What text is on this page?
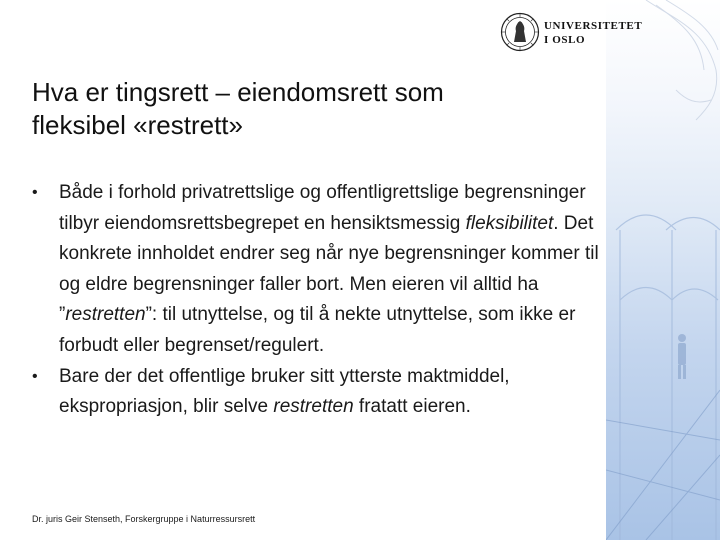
UNIVERSITETET
I OSLO
Hva er tingsrett – eiendomsrett som
fleksibel «restrett»
•	Både i forhold privatrettslige og offentligrettslige begrensninger tilbyr eiendomsrettsbegrepet en hensiktsmessig fleksibilitet. Det konkrete innholdet endrer seg når nye begrensninger kommer til og eldre begrensninger faller bort. Men eieren vil alltid ha ”restretten”: til utnyttelse, og til å nekte utnyttelse, som ikke er forbudt eller begrenset/regulert.
•	Bare der det offentlige bruker sitt ytterste maktmiddel, ekspropriasjon, blir selve restretten fratatt eieren.
Dr. juris Geir Stenseth, Forskergruppe i Naturressursrett
